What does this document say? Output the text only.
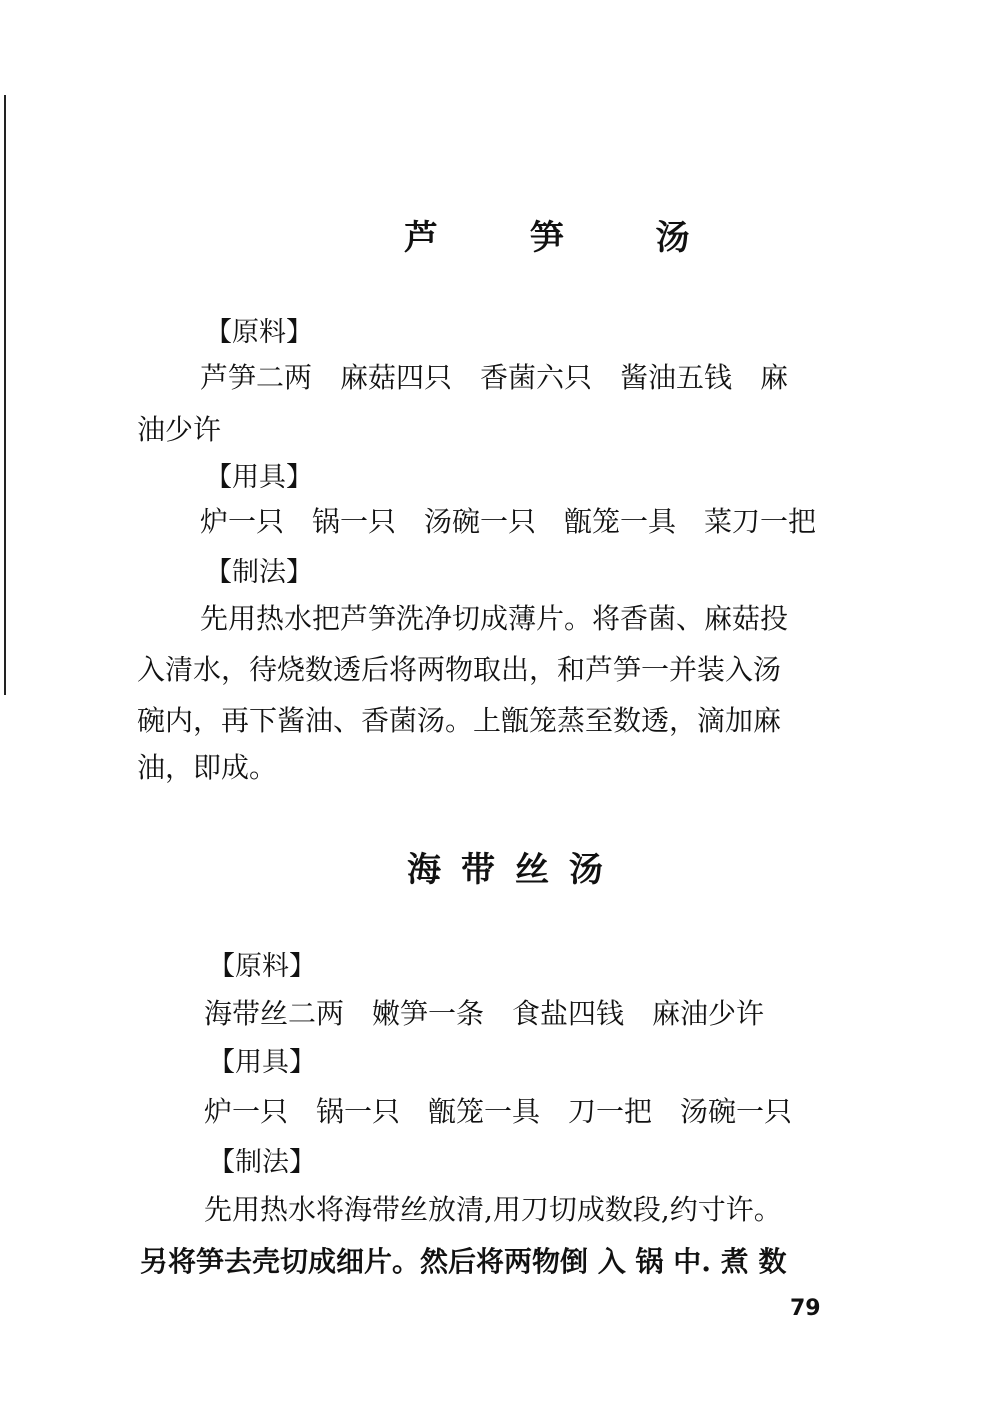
芦 笋 汤
【原料】
芦笋二两　麻菇四只　香菌六只　酱油五钱　麻
油少许
【用具】
炉一只　锅一只　汤碗一只　甑笼一具　菜刀一把
【制法】
先用热水把芦笋洗净切成薄片。将香菌、麻菇投
入清水，待烧数透后将两物取出，和芦笋一并装入汤
碗内，再下酱油、香菌汤。上甑笼蒸至数透，滴加麻
油，即成。
海带丝汤
【原料】
海带丝二两　嫩笋一条　食盐四钱　麻油少许
【用具】
炉一只　锅一只　甑笼一具　刀一把　汤碗一只
【制法】
先用热水将海带丝放清,用刀切成数段,约寸许。
另将笋去壳切成细片。然后将两物倒 入 锅 中. 煮 数
79
